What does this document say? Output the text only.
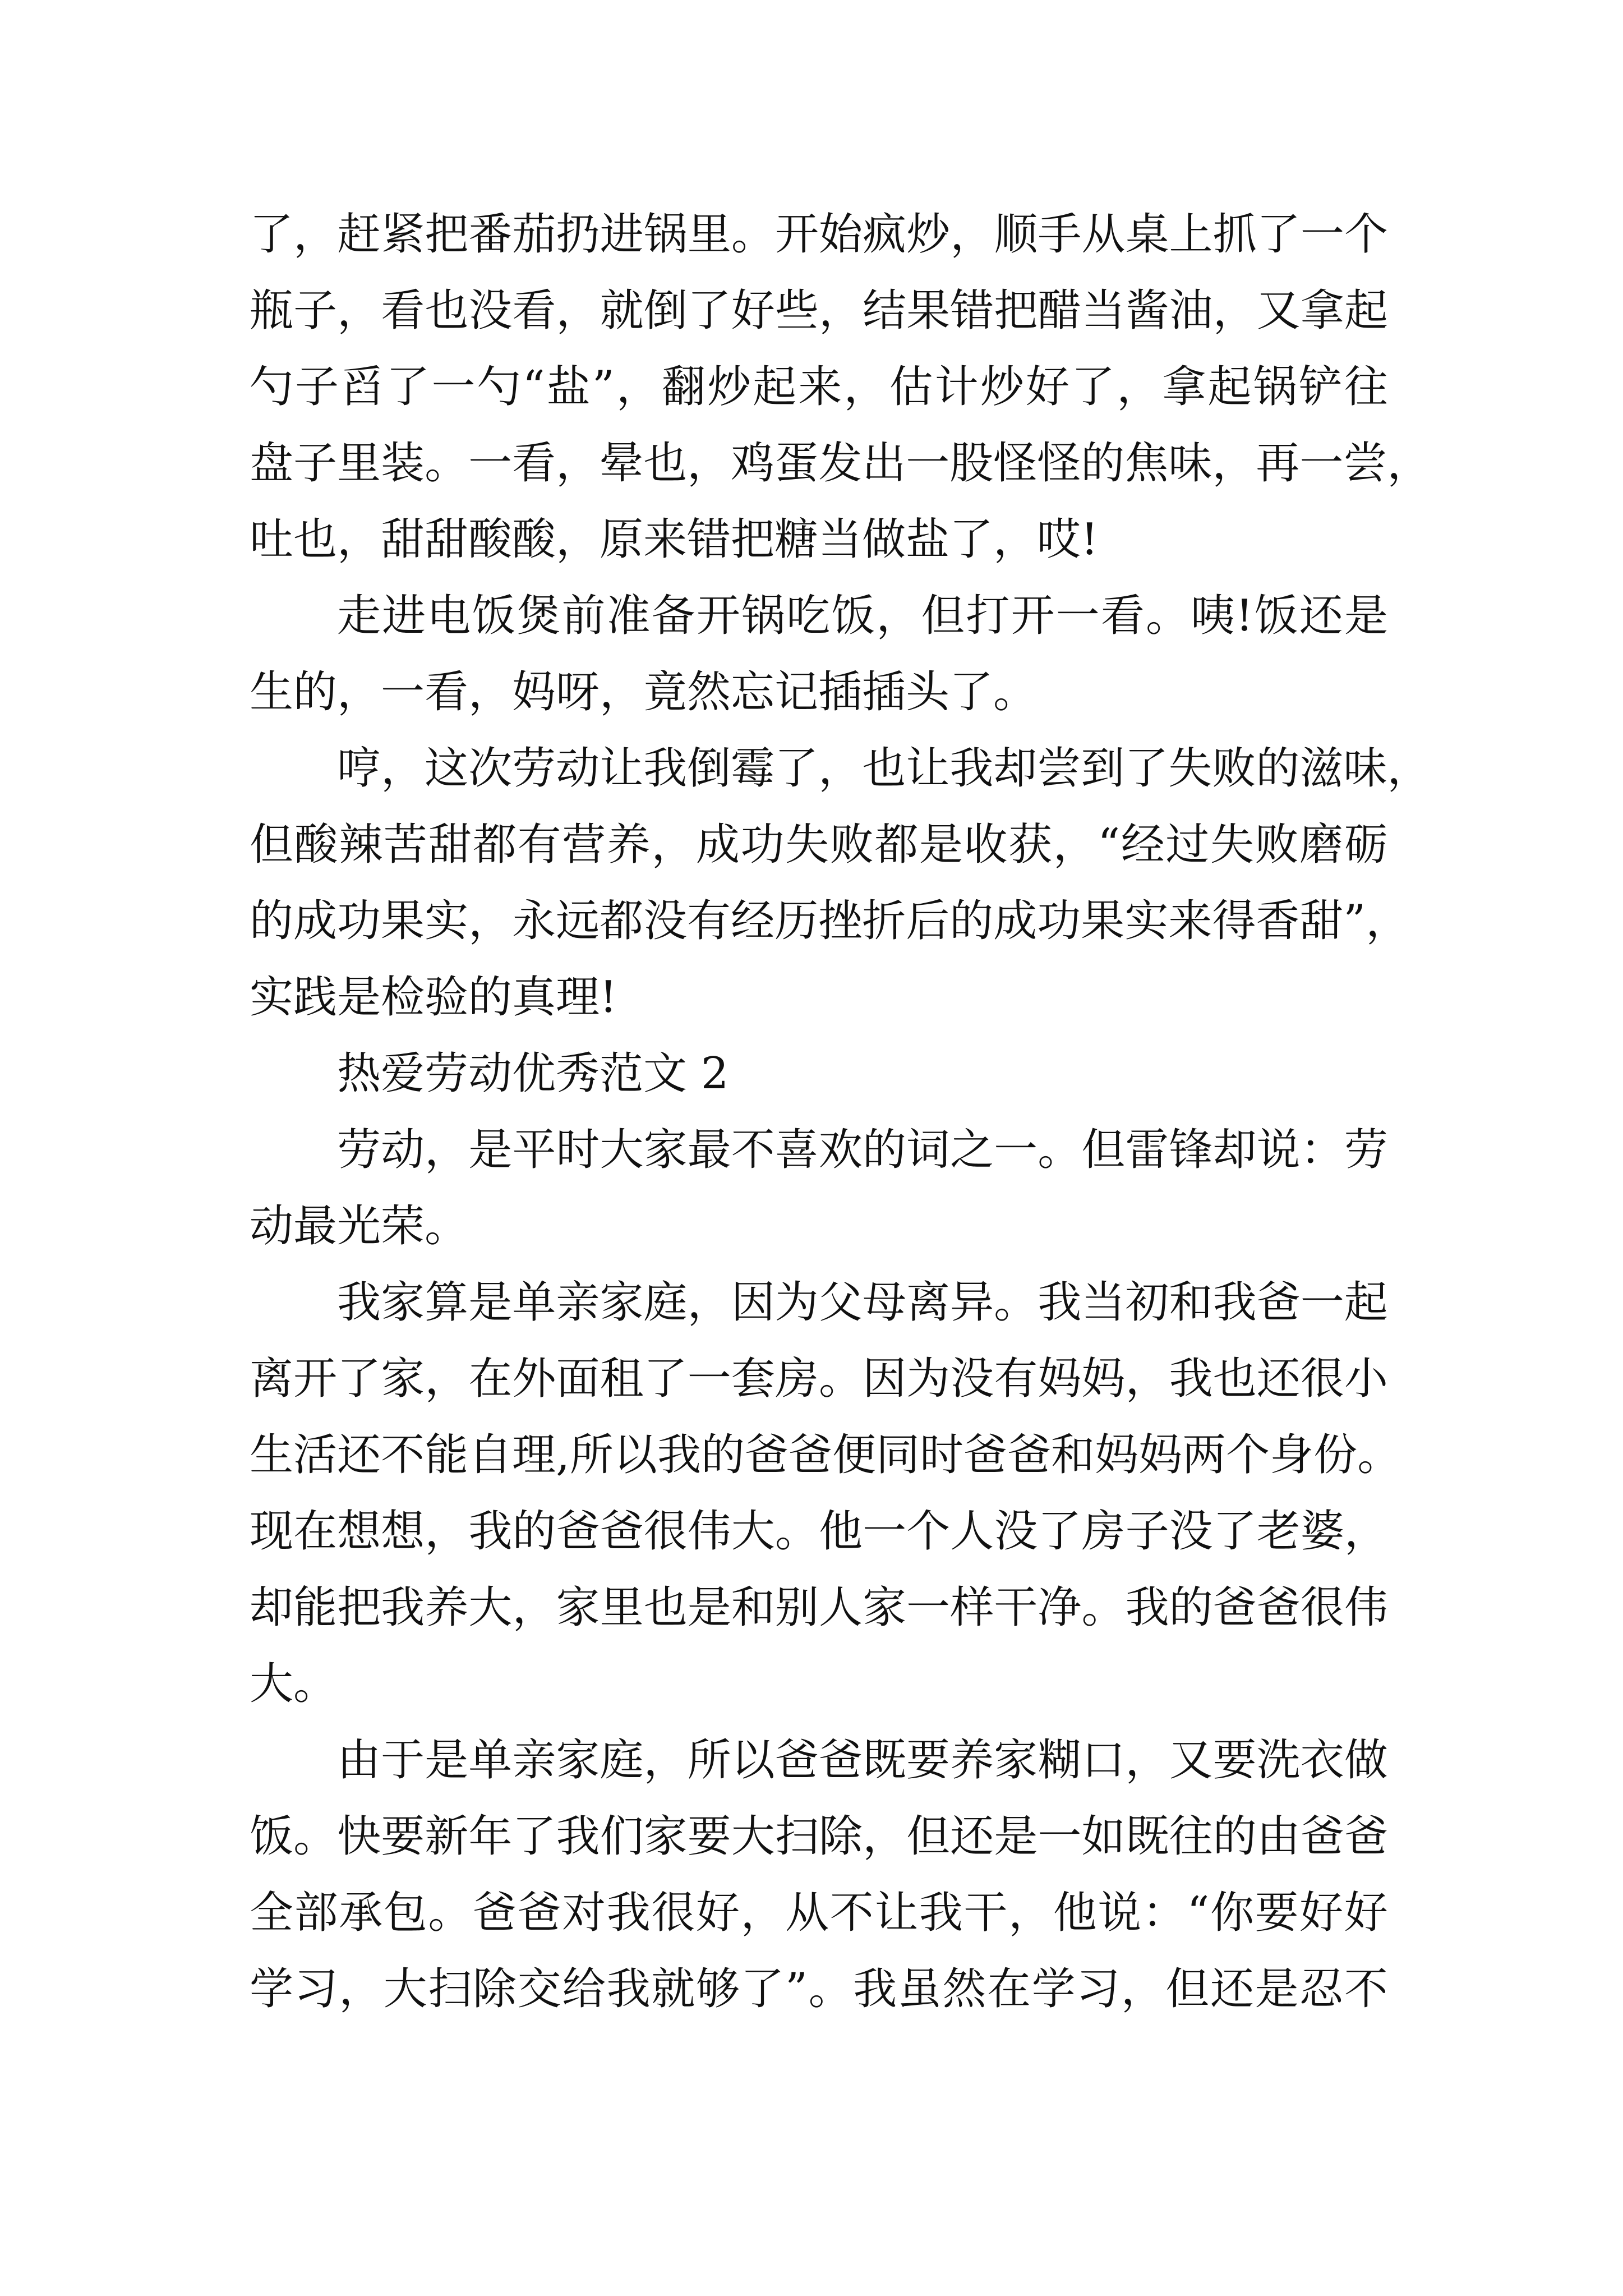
了 ， 赶 紧 把 番 茄 扔 进 锅 里 。 开 始 疯 炒 ， 顺 手 从 桌 上 抓 了 一 个
瓶 子 ， 看 也 没 看 ， 就 倒 了 好 些 ， 结 果 错 把 醋 当 酱 油 ， 又 拿 起
勺 子 舀 了 一 勺 “ 盐 ” ， 翻 炒 起 来 ， 估 计 炒 好 了 ， 拿 起 锅 铲 往
盘 子 里 装 。 一 看 ， 晕 也 ， 鸡 蛋 发 出 一 股 怪 怪 的 焦 味 ， 再 一 尝 ，
吐也，甜甜酸酸，原来错把糖当做盐了，哎!
走 进 电 饭 煲 前 准 备 开 锅 吃 饭 ， 但 打 开 一 看 。 咦 ! 饭 还 是
生的，一看，妈呀，竟然忘记插插头了。
哼 ， 这 次 劳 动 让 我 倒 霉 了 ， 也 让 我 却 尝 到 了 失 败 的 滋 味 ，
但 酸 辣 苦 甜 都 有 营 养 ， 成 功 失 败 都 是 收 获 ， “ 经 过 失 败 磨 砺
的 成 功 果 实 ， 永 远 都 没 有 经 历 挫 折 后 的 成 功 果 实 来 得 香 甜 ” ，
实践是检验的真理!
热爱劳动优秀范文 2
劳 动 ， 是 平 时 大 家 最 不 喜 欢 的 词 之 一 。 但 雷 锋 却 说 ： 劳
动最光荣。
我 家 算 是 单 亲 家 庭 ， 因 为 父 母 离 异 。 我 当 初 和 我 爸 一 起
离 开 了 家 ， 在 外 面 租 了 一 套 房 。 因 为 没 有 妈 妈 ， 我 也 还 很 小
生 活 还 不 能 自 理 , 所 以 我 的 爸 爸 便 同 时 爸 爸 和 妈 妈 两 个 身 份 。
现 在 想 想 ， 我 的 爸 爸 很 伟 大 。 他 一 个 人 没 了 房 子 没 了 老 婆 ，
却 能 把 我 养 大 ， 家 里 也 是 和 别 人 家 一 样 干 净 。 我 的 爸 爸 很 伟
大。
由 于 是 单 亲 家 庭 ， 所 以 爸 爸 既 要 养 家 糊 口 ， 又 要 洗 衣 做
饭 。 快 要 新 年 了 我 们 家 要 大 扫 除 ， 但 还 是 一 如 既 往 的 由 爸 爸
全 部 承 包 。 爸 爸 对 我 很 好 ， 从 不 让 我 干 ， 他 说 ： “ 你 要 好 好
学 习 ， 大 扫 除 交 给 我 就 够 了 ” 。 我 虽 然 在 学 习 ， 但 还 是 忍 不
